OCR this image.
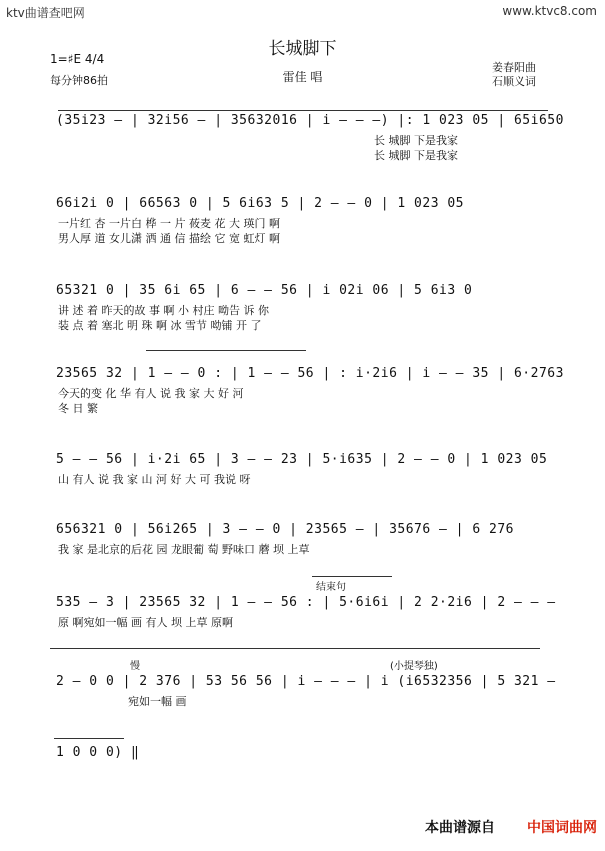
ktv曲谱查吧网	www.ktvc8.com
长城脚下
1=♯E 4/4
每分钟86拍	雷佳 唱
姜春阳曲
石顺义词
(35i23 — | 32i56 — | 35632016 | i — — —) |: 1 023 05 | 65i650
长 城脚 下是我家
长 城脚 下是我家
66i2i 0 | 66563 0 | 5 6i63 5 | 2 — — 0 | 1 023 05
一片红 杏 一片白 桦 一 片 莜麦 花 大 瑛门 啊
男人厚 道 女儿潇 洒 通 信 描绘 它 宽 虹灯 啊
65321 0 | 35 6i 65 | 6 — — 56 | i 02i 06 | 5 6i3 0
讲 述 着 昨天的故 事 啊 小 村庄 呦告 诉 你
装 点 着 塞北 明 珠 啊 冰 雪节 呦铺 开 了
23565 32 | 1 — — 0 : | 1 — — 56 | : i·2i6 | i — — 35 | 6·2763
今天的变 化 华 有人 说 我 家 大 好 河
冬 日 繁
5 — — 56 | i·2i 65 | 3 — — 23 | 5·i635 | 2 — — 0 | 1 023 05
山 有人 说 我 家 山 河 好 大 可 我说 呀
656321 0 | 56i265 | 3 — — 0 | 23565 — | 35676 — | 6 276
我 家 是北京的后花 园 龙眼葡 萄 野味口 蘑 坝 上草
结束句
535 — 3 | 23565 32 | 1 — — 56 : | 5·6i6i | 2 2·2i6 | 2 — — —
原 啊宛如一幅 画 有人 坝 上草 原啊
慢	(小提琴独)
2 — 0 0 | 2 376 | 53 56 56 | i — — — | i (i6532356 | 5 321 —
宛如一幅 画
1 0 0 0) ‖
本曲谱源自 中国词曲网
